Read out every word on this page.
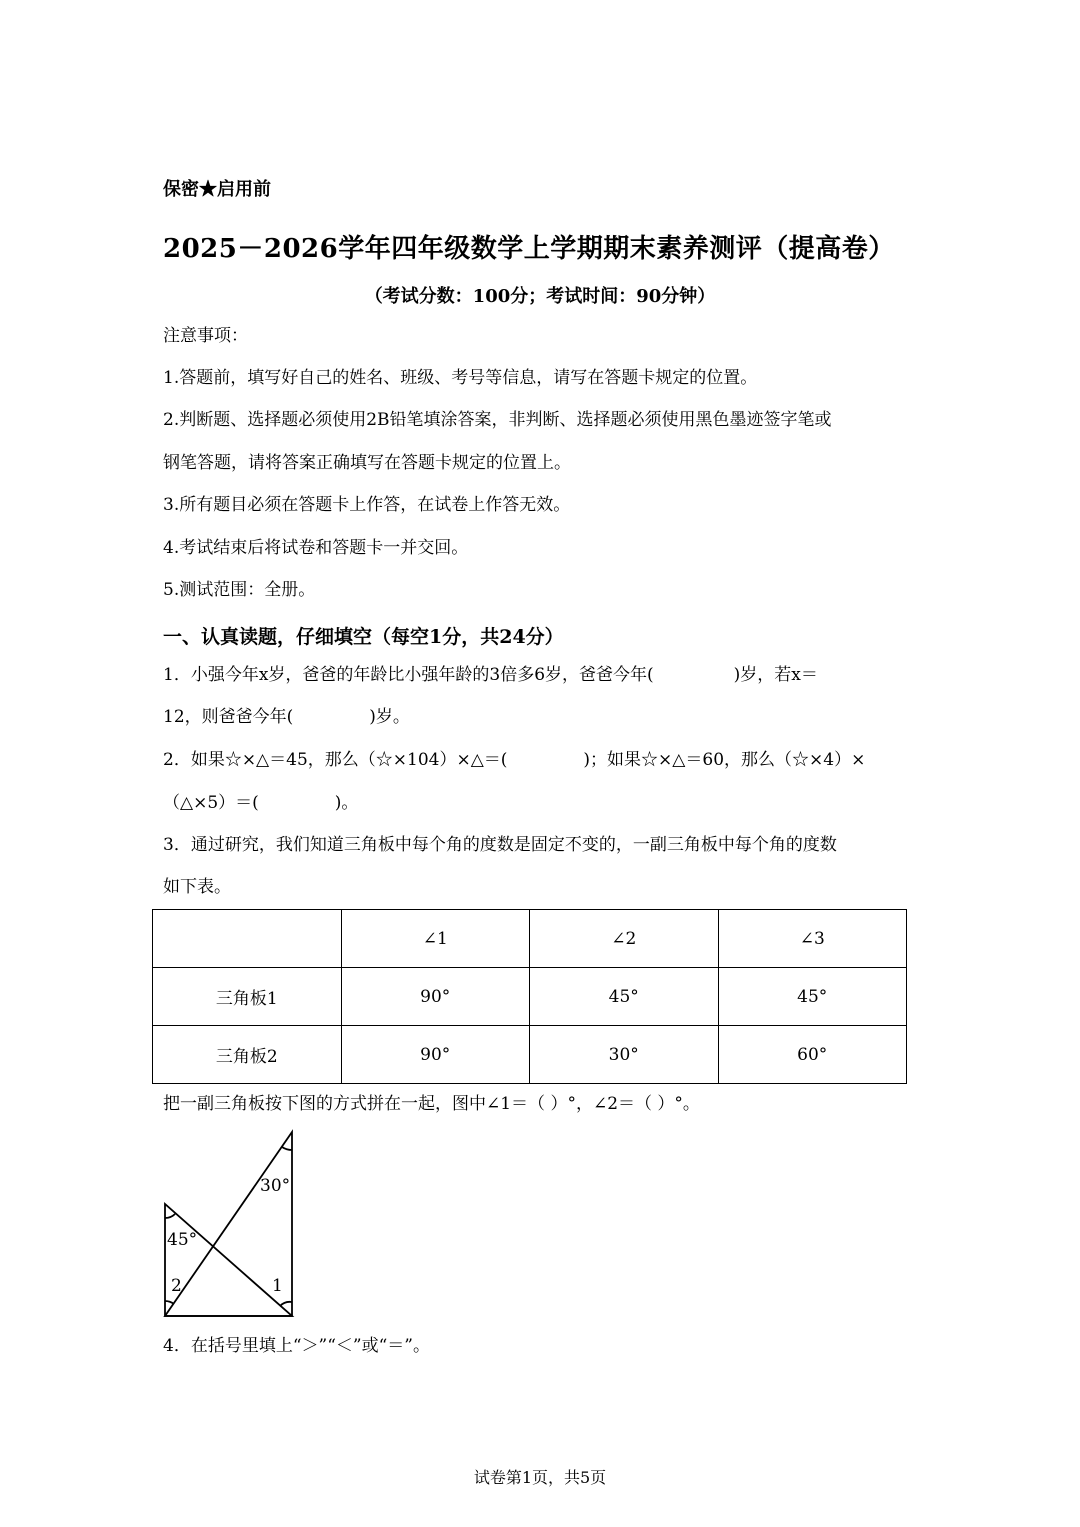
保密★启用前
2025－2026学年四年级数学上学期期末素养测评（提高卷）
（考试分数：100分；考试时间：90分钟）
注意事项：
1.答题前，填写好自己的姓名、班级、考号等信息，请写在答题卡规定的位置。
2.判断题、选择题必须使用2B铅笔填涂答案，非判断、选择题必须使用黑色墨迹签字笔或
钢笔答题，请将答案正确填写在答题卡规定的位置上。
3.所有题目必须在答题卡上作答，在试卷上作答无效。
4.考试结束后将试卷和答题卡一并交回。
5.测试范围：全册。
一、认真读题，仔细填空（每空1分，共24分）
1．小强今年x岁，爸爸的年龄比小强年龄的3倍多6岁，爸爸今年(	)岁，若x＝
12，则爸爸今年(	)岁。
2．如果☆×△＝45，那么（☆×104）×△＝(	)；如果☆×△＝60，那么（☆×4）×
（△×5）＝(	)。
3．通过研究，我们知道三角板中每个角的度数是固定不变的，一副三角板中每个角的度数
如下表。
	∠1	∠2	∠3
三角板1	90°	45°	45°
三角板2	90°	30°	60°
把一副三角板按下图的方式拼在一起，图中∠1＝（ ）°，∠2＝（ ）°。
30°
45°
2	1
4．在括号里填上“＞”“＜”或“＝”。
试卷第1页，共5页
